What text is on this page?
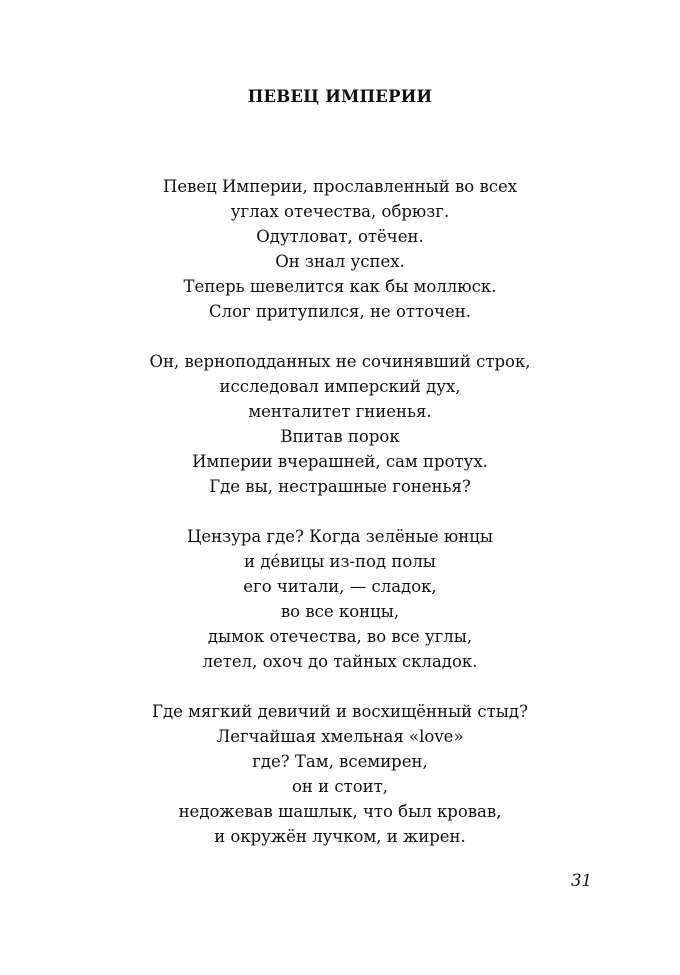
ПЕВЕЦ ИМПЕРИИ
Певец Империи, прославленный во всех
углах отечества, обрюзг.
Одутловат, отёчен.
Он знал успех.
Теперь шевелится как бы моллюск.
Слог притупился, не отточен.
Он, верноподданных не сочинявший строк,
исследовал имперский дух,
менталитет гниенья.
Впитав порок
Империи вчерашней, сам протух.
Где вы, нестрашные гоненья?
Цензура где? Когда зелёные юнцы
и де́вицы из-под полы
его читали, — сладок,
во все концы,
дымок отечества, во все углы,
летел, охоч до тайных складок.
Где мягкий девичий и восхищённый стыд?
Легчайшая хмельная «love»
где? Там, всемирен,
он и стоит,
недожевав шашлык, что был кровав,
и окружён лучком, и жирен.
31
